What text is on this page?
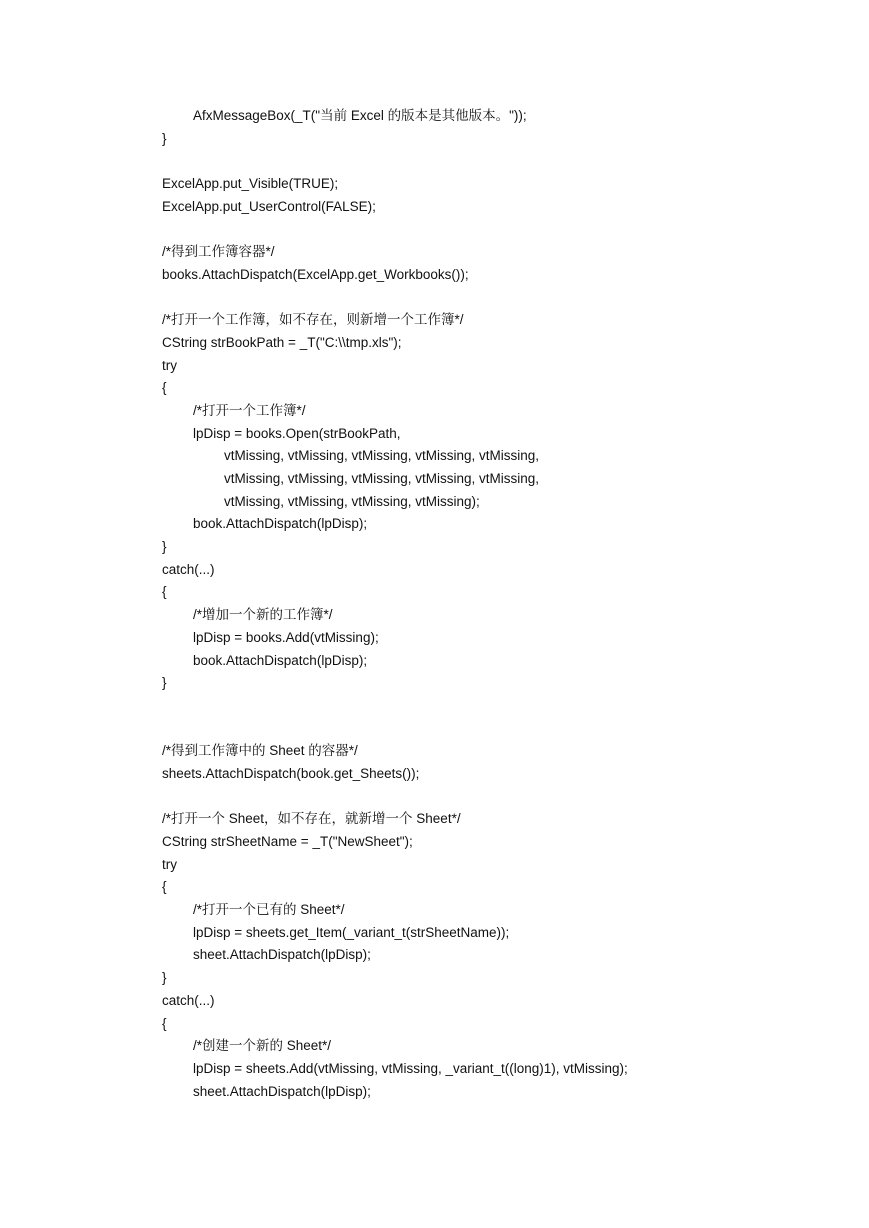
AfxMessageBox(_T("当前 Excel 的版本是其他版本。"));
}
ExcelApp.put_Visible(TRUE);
ExcelApp.put_UserControl(FALSE);
/*得到工作簿容器*/
books.AttachDispatch(ExcelApp.get_Workbooks());
/*打开一个工作簿，如不存在，则新增一个工作簿*/
CString strBookPath = _T("C:\\tmp.xls");
try
{
/*打开一个工作簿*/
lpDisp = books.Open(strBookPath,
vtMissing, vtMissing, vtMissing, vtMissing, vtMissing,
vtMissing, vtMissing, vtMissing, vtMissing, vtMissing,
vtMissing, vtMissing, vtMissing, vtMissing);
book.AttachDispatch(lpDisp);
}
catch(...)
{
/*增加一个新的工作簿*/
lpDisp = books.Add(vtMissing);
book.AttachDispatch(lpDisp);
}
/*得到工作簿中的 Sheet 的容器*/
sheets.AttachDispatch(book.get_Sheets());
/*打开一个 Sheet，如不存在，就新增一个 Sheet*/
CString strSheetName = _T("NewSheet");
try
{
/*打开一个已有的 Sheet*/
lpDisp = sheets.get_Item(_variant_t(strSheetName));
sheet.AttachDispatch(lpDisp);
}
catch(...)
{
/*创建一个新的 Sheet*/
lpDisp = sheets.Add(vtMissing, vtMissing, _variant_t((long)1), vtMissing);
sheet.AttachDispatch(lpDisp);
